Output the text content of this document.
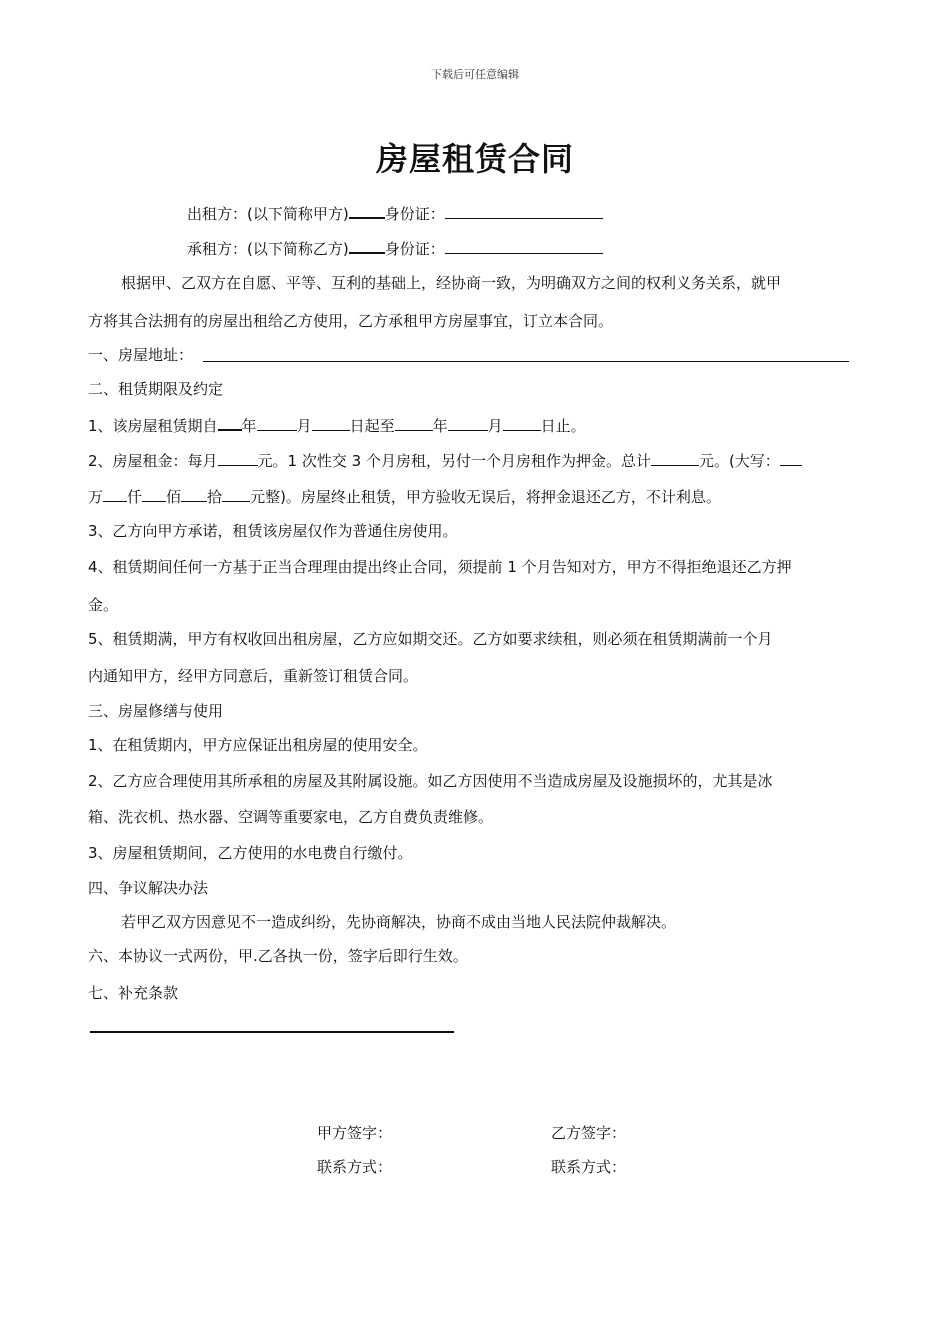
下载后可任意编辑
房屋租赁合同
出租方：(以下简称甲方) 身份证：
承租方：(以下简称乙方) 身份证：
根据甲、乙双方在自愿、平等、互利的基础上，经协商一致，为明确双方之间的权利义务关系，就甲
方将其合法拥有的房屋出租给乙方使用，乙方承租甲方房屋事宜，订立本合同。
一、房屋地址：
二、租赁期限及约定
1、该房屋租赁期自 年	月	日起至	年	月	日止。
2、房屋租金：每月	元。1 次性交 3 个月房租，另付一个月房租作为押金。总计	元。(大写：
万 仟 佰 拾 元整)。房屋终止租赁，甲方验收无误后，将押金退还乙方，不计利息。
3、乙方向甲方承诺，租赁该房屋仅作为普通住房使用。
4、租赁期间任何一方基于正当合理理由提出终止合同，须提前 1 个月告知对方，甲方不得拒绝退还乙方押
金。
5、租赁期满，甲方有权收回出租房屋，乙方应如期交还。乙方如要求续租，则必须在租赁期满前一个月
内通知甲方，经甲方同意后，重新签订租赁合同。
三、房屋修缮与使用
1、在租赁期内，甲方应保证出租房屋的使用安全。
2、乙方应合理使用其所承租的房屋及其附属设施。如乙方因使用不当造成房屋及设施损坏的，尤其是冰
箱、洗衣机、热水器、空调等重要家电，乙方自费负责维修。
3、房屋租赁期间，乙方使用的水电费自行缴付。
四、争议解决办法
若甲乙双方因意见不一造成纠纷，先协商解决，协商不成由当地人民法院仲裁解决。
六、本协议一式两份，甲.乙各执一份，签字后即行生效。
七、补充条款
甲方签字：	乙方签字：
联系方式：	联系方式：
